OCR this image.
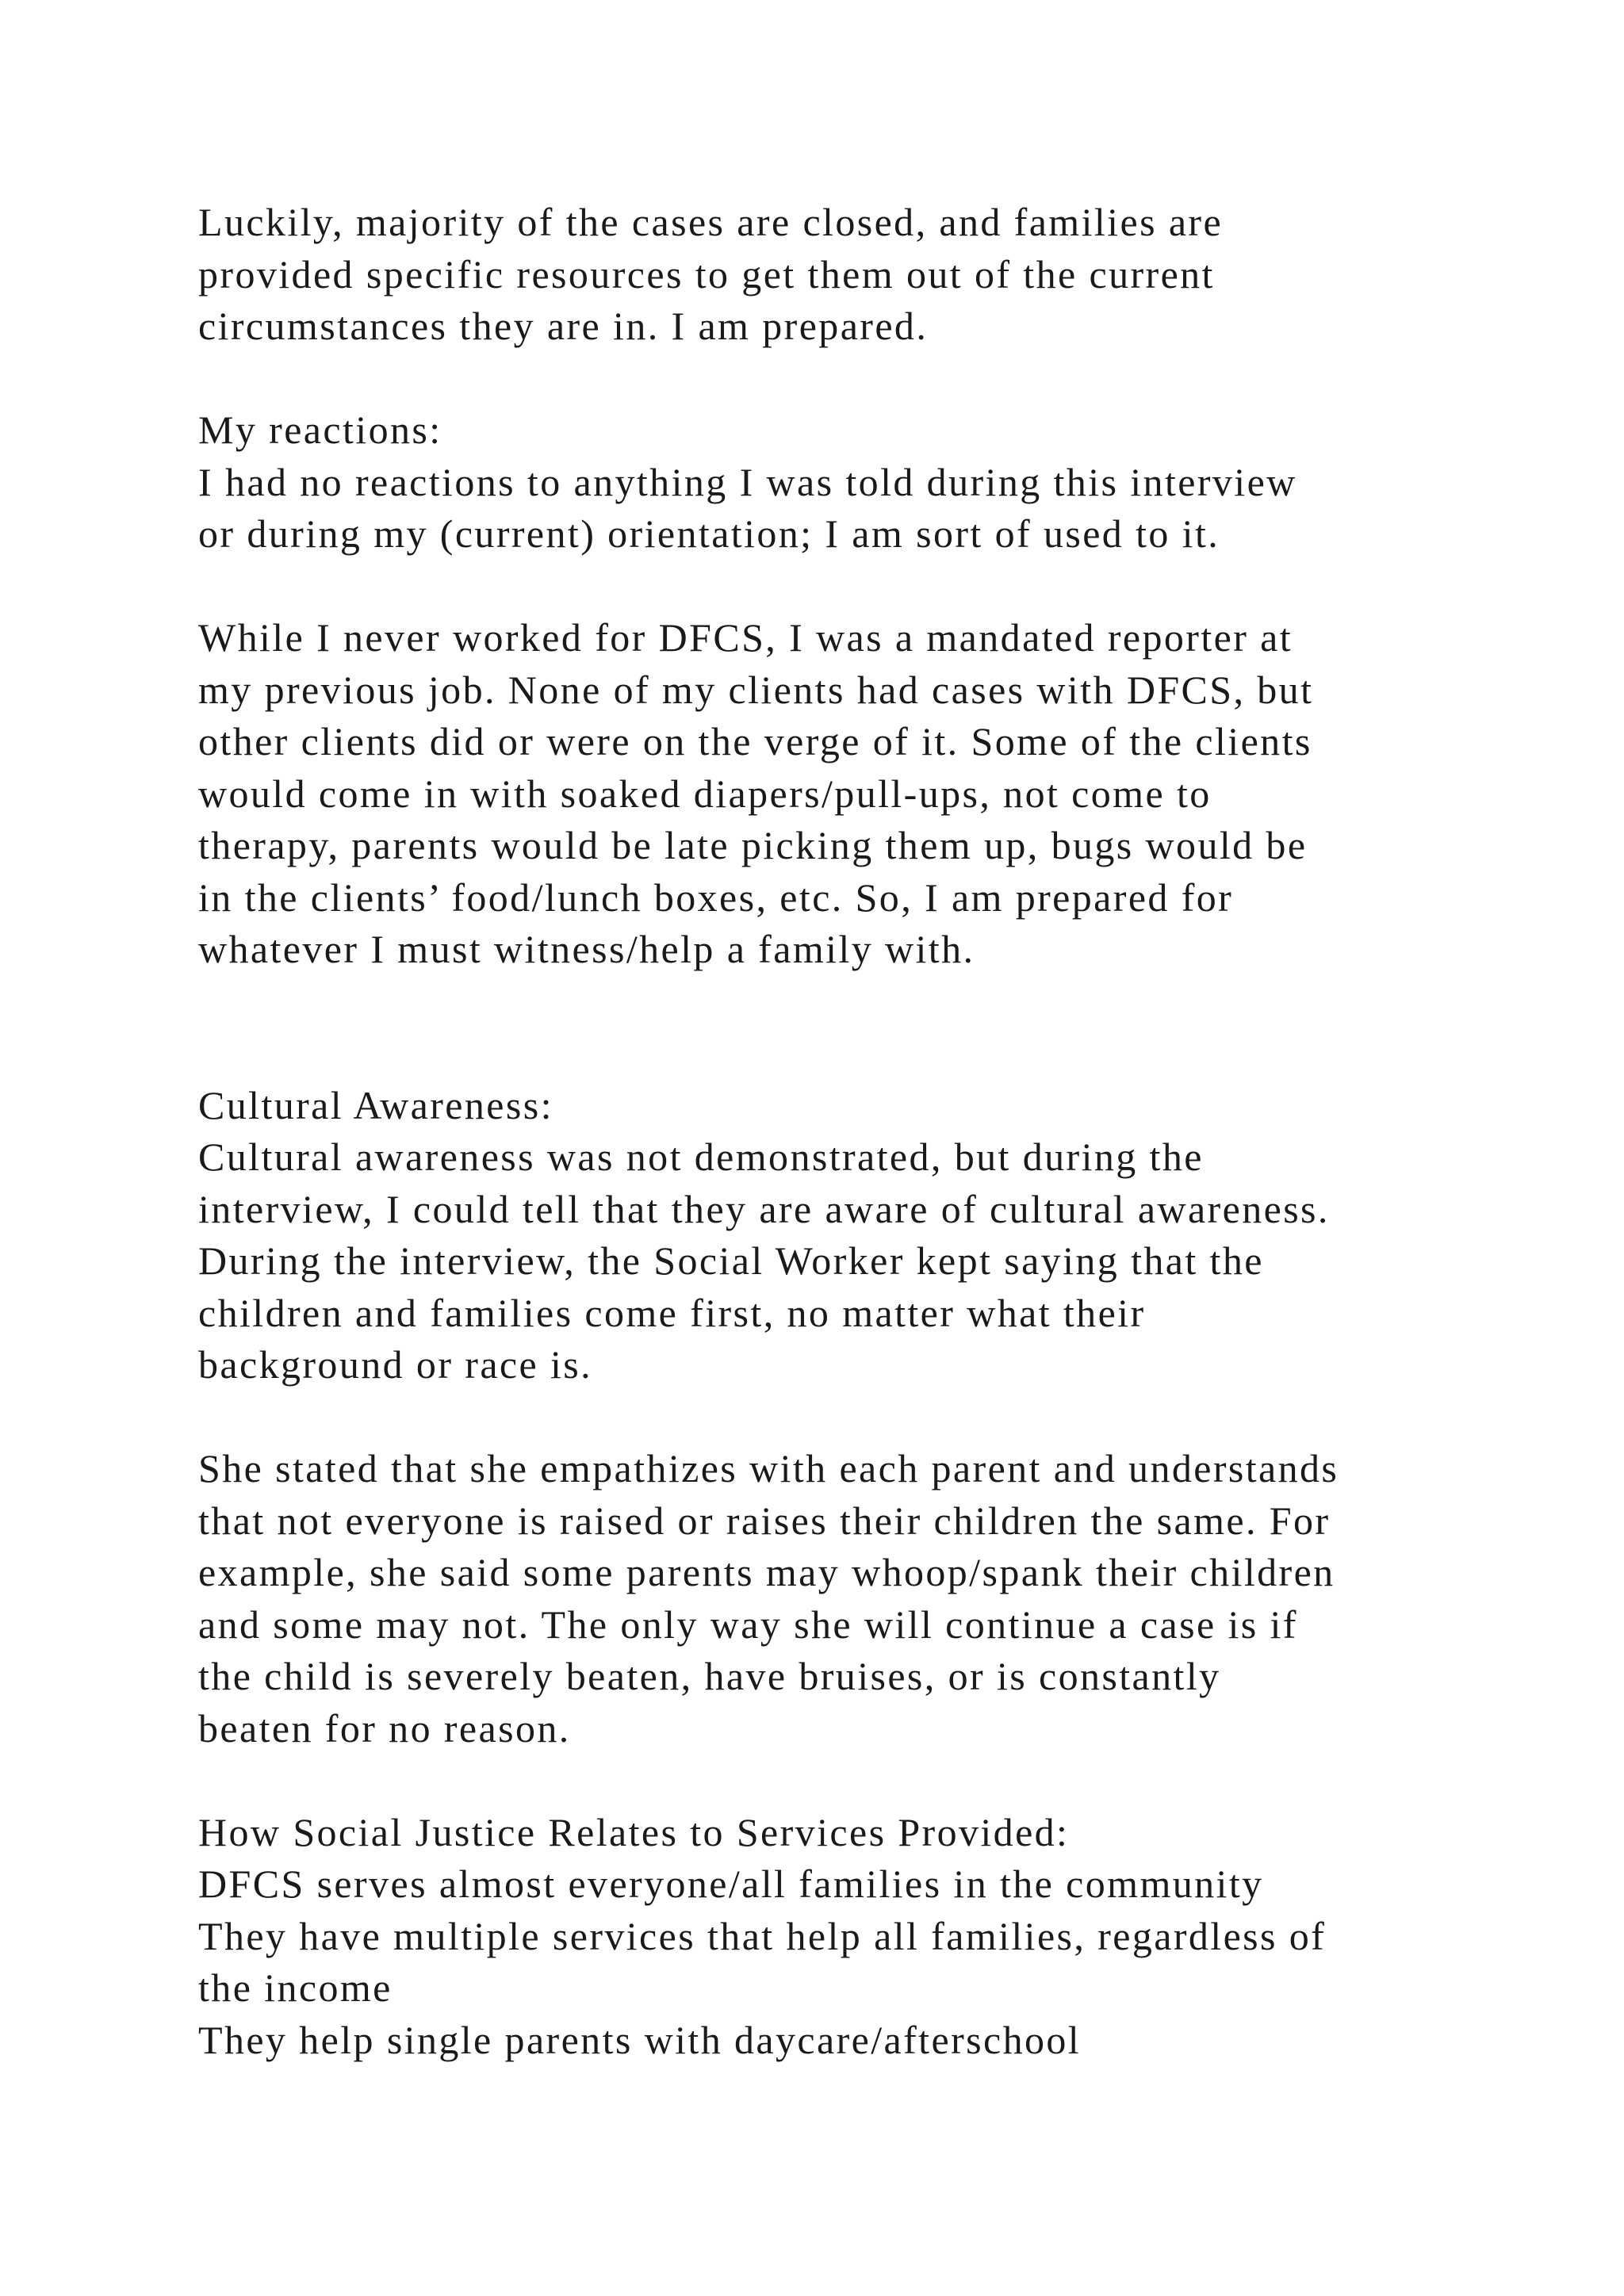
Luckily, majority of the cases are closed, and families are
provided specific resources to get them out of the current
circumstances they are in. I am prepared.
My reactions:
I had no reactions to anything I was told during this interview
or during my (current) orientation; I am sort of used to it.
While I never worked for DFCS, I was a mandated reporter at
my previous job. None of my clients had cases with DFCS, but
other clients did or were on the verge of it. Some of the clients
would come in with soaked diapers/pull-ups, not come to
therapy, parents would be late picking them up, bugs would be
in the clients’ food/lunch boxes, etc. So, I am prepared for
whatever I must witness/help a family with.
Cultural Awareness:
Cultural awareness was not demonstrated, but during the
interview, I could tell that they are aware of cultural awareness.
During the interview, the Social Worker kept saying that the
children and families come first, no matter what their
background or race is.
She stated that she empathizes with each parent and understands
that not everyone is raised or raises their children the same. For
example, she said some parents may whoop/spank their children
and some may not. The only way she will continue a case is if
the child is severely beaten, have bruises, or is constantly
beaten for no reason.
How Social Justice Relates to Services Provided:
DFCS serves almost everyone/all families in the community
They have multiple services that help all families, regardless of
the income
They help single parents with daycare/afterschool
